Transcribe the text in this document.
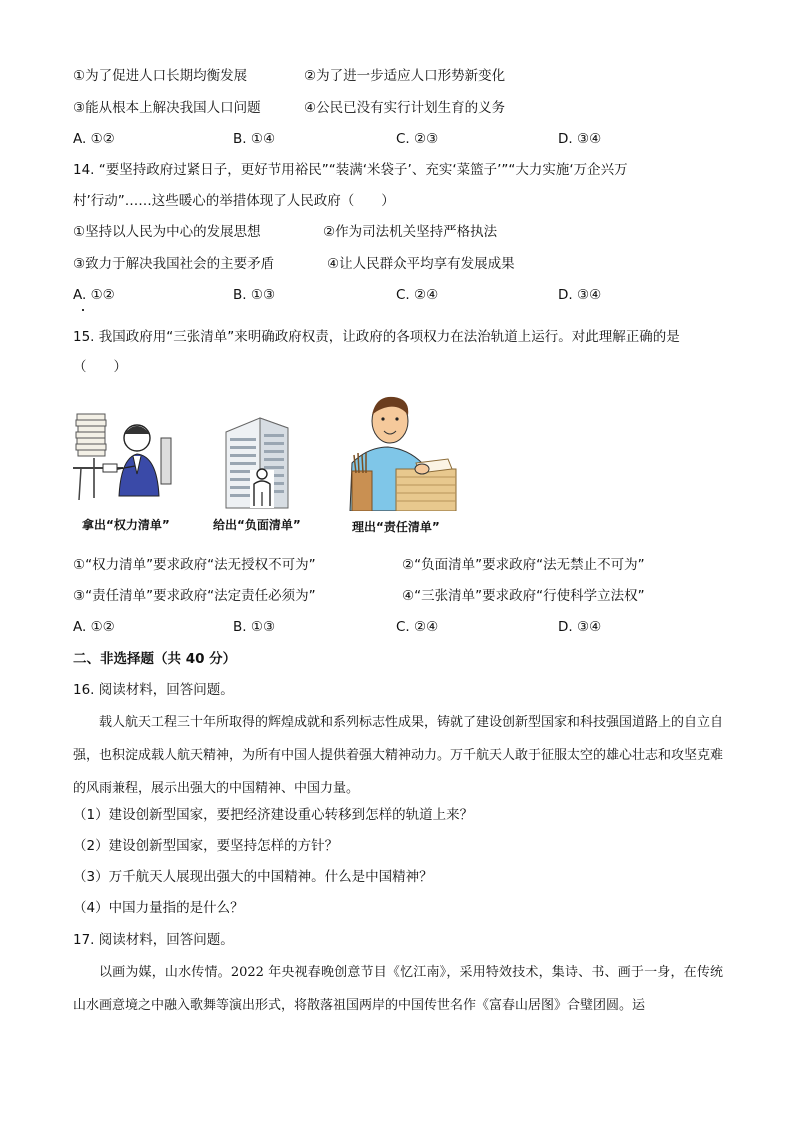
①为了促进人口长期均衡发展	②为了进一步适应人口形势新变化
③能从根本上解决我国人口问题	④公民已没有实行计划生育的义务
A. ①②	B. ①④	C. ②③	D. ③④
14. “要坚持政府过紧日子，更好节用裕民”“装满‘米袋子’、充实‘菜篮子’”“大力实施‘万企兴万
村’行动”……这些暖心的举措体现了人民政府（　　）
①坚持以人民为中心的发展思想	②作为司法机关坚持严格执法
③致力于解决我国社会的主要矛盾	④让人民群众平均享有发展成果
A. ①②	B. ①③	C. ②④	D. ③④
15. 我国政府用“三张清单”来明确政府权责，让政府的各项权力在法治轨道上运行。对此理解正确的是
（　　）
拿出“权力清单”	给出“负面清单”	理出“责任清单”
①“权力清单”要求政府“法无授权不可为”	②“负面清单”要求政府“法无禁止不可为”
③“责任清单”要求政府“法定责任必须为”	④“三张清单”要求政府“行使科学立法权”
A. ①②	B. ①③	C. ②④	D. ③④
二、非选择题（共 40 分）
16. 阅读材料，回答问题。
载人航天工程三十年所取得的辉煌成就和系列标志性成果，铸就了建设创新型国家和科技强国道路上的自立自强，也积淀成载人航天精神，为所有中国人提供着强大精神动力。万千航天人敢于征服太空的雄心壮志和攻坚克难的风雨兼程，展示出强大的中国精神、中国力量。
（1）建设创新型国家，要把经济建设重心转移到怎样的轨道上来？
（2）建设创新型国家，要坚持怎样的方针？
（3）万千航天人展现出强大的中国精神。什么是中国精神？
（4）中国力量指的是什么？
17. 阅读材料，回答问题。
以画为媒，山水传情。2022 年央视春晚创意节目《忆江南》，采用特效技术，集诗、书、画于一身，在传统山水画意境之中融入歌舞等演出形式，将散落祖国两岸的中国传世名作《富春山居图》合璧团圆。运
